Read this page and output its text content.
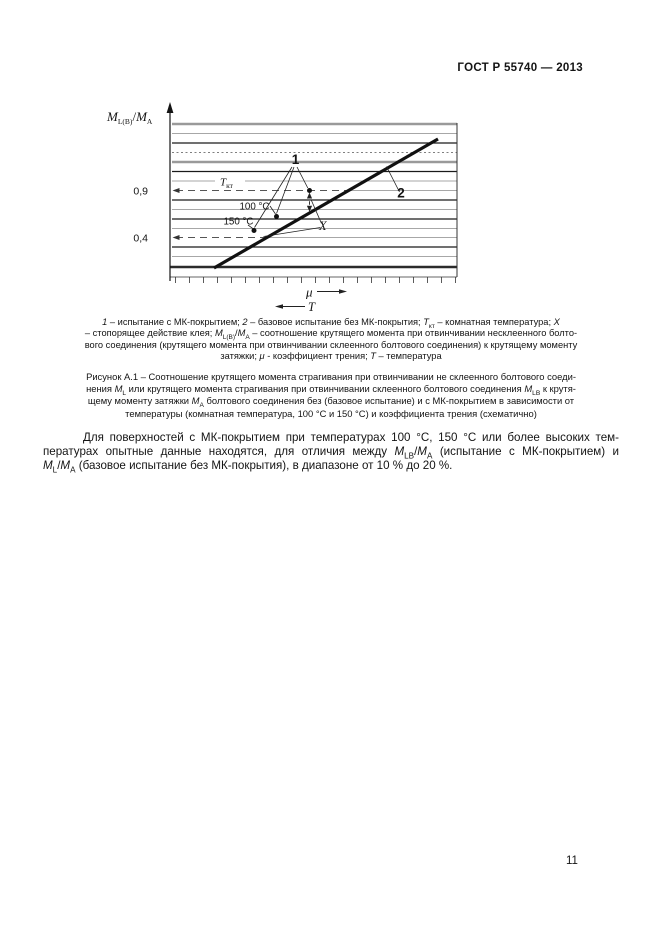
ГОСТ Р 55740 — 2013
$T_{кт}$
0,9
0,4
1
2
100 °C
150 °C	X
$M_{L(B)}/M_A$
μ
T
1 – испытание с МК-покрытием; 2 – базовое испытание без МК-покрытия; $T_{кт}$ – комнатная температура; X
– стопорящее действие клея; $M_{L(B)}/M_A$ – соотношение крутящего момента при отвинчивании несклеенного болто-
вого соединения (крутящего момента при отвинчивании склеенного болтового соединения) к крутящему моменту
затяжки; μ - коэффициент трения; T – температура
Рисунок А.1 – Соотношение крутящего момента страгивания при отвинчивании не склеенного болтового соеди-
нения $M_L$ или крутящего момента страгивания при отвинчивании склеенного болтового соединения $M_{LB}$ к крутя-
щему моменту затяжки $M_A$ болтового соединения без (базовое испытание) и с МК-покрытием в зависимости от
температуры (комнатная температура, 100 °С и 150 °С) и коэффициента трения (схематично)
Для поверхностей с МК-покрытием при температурах 100 °С, 150 °С или более высоких тем-
пературах опытные данные находятся, для отличия между $M_{LB}/M_A$ (испытание с МК-покрытием) и
$M_L/M_A$ (базовое испытание без МК-покрытия), в диапазоне от 10 % до 20 %.
11
